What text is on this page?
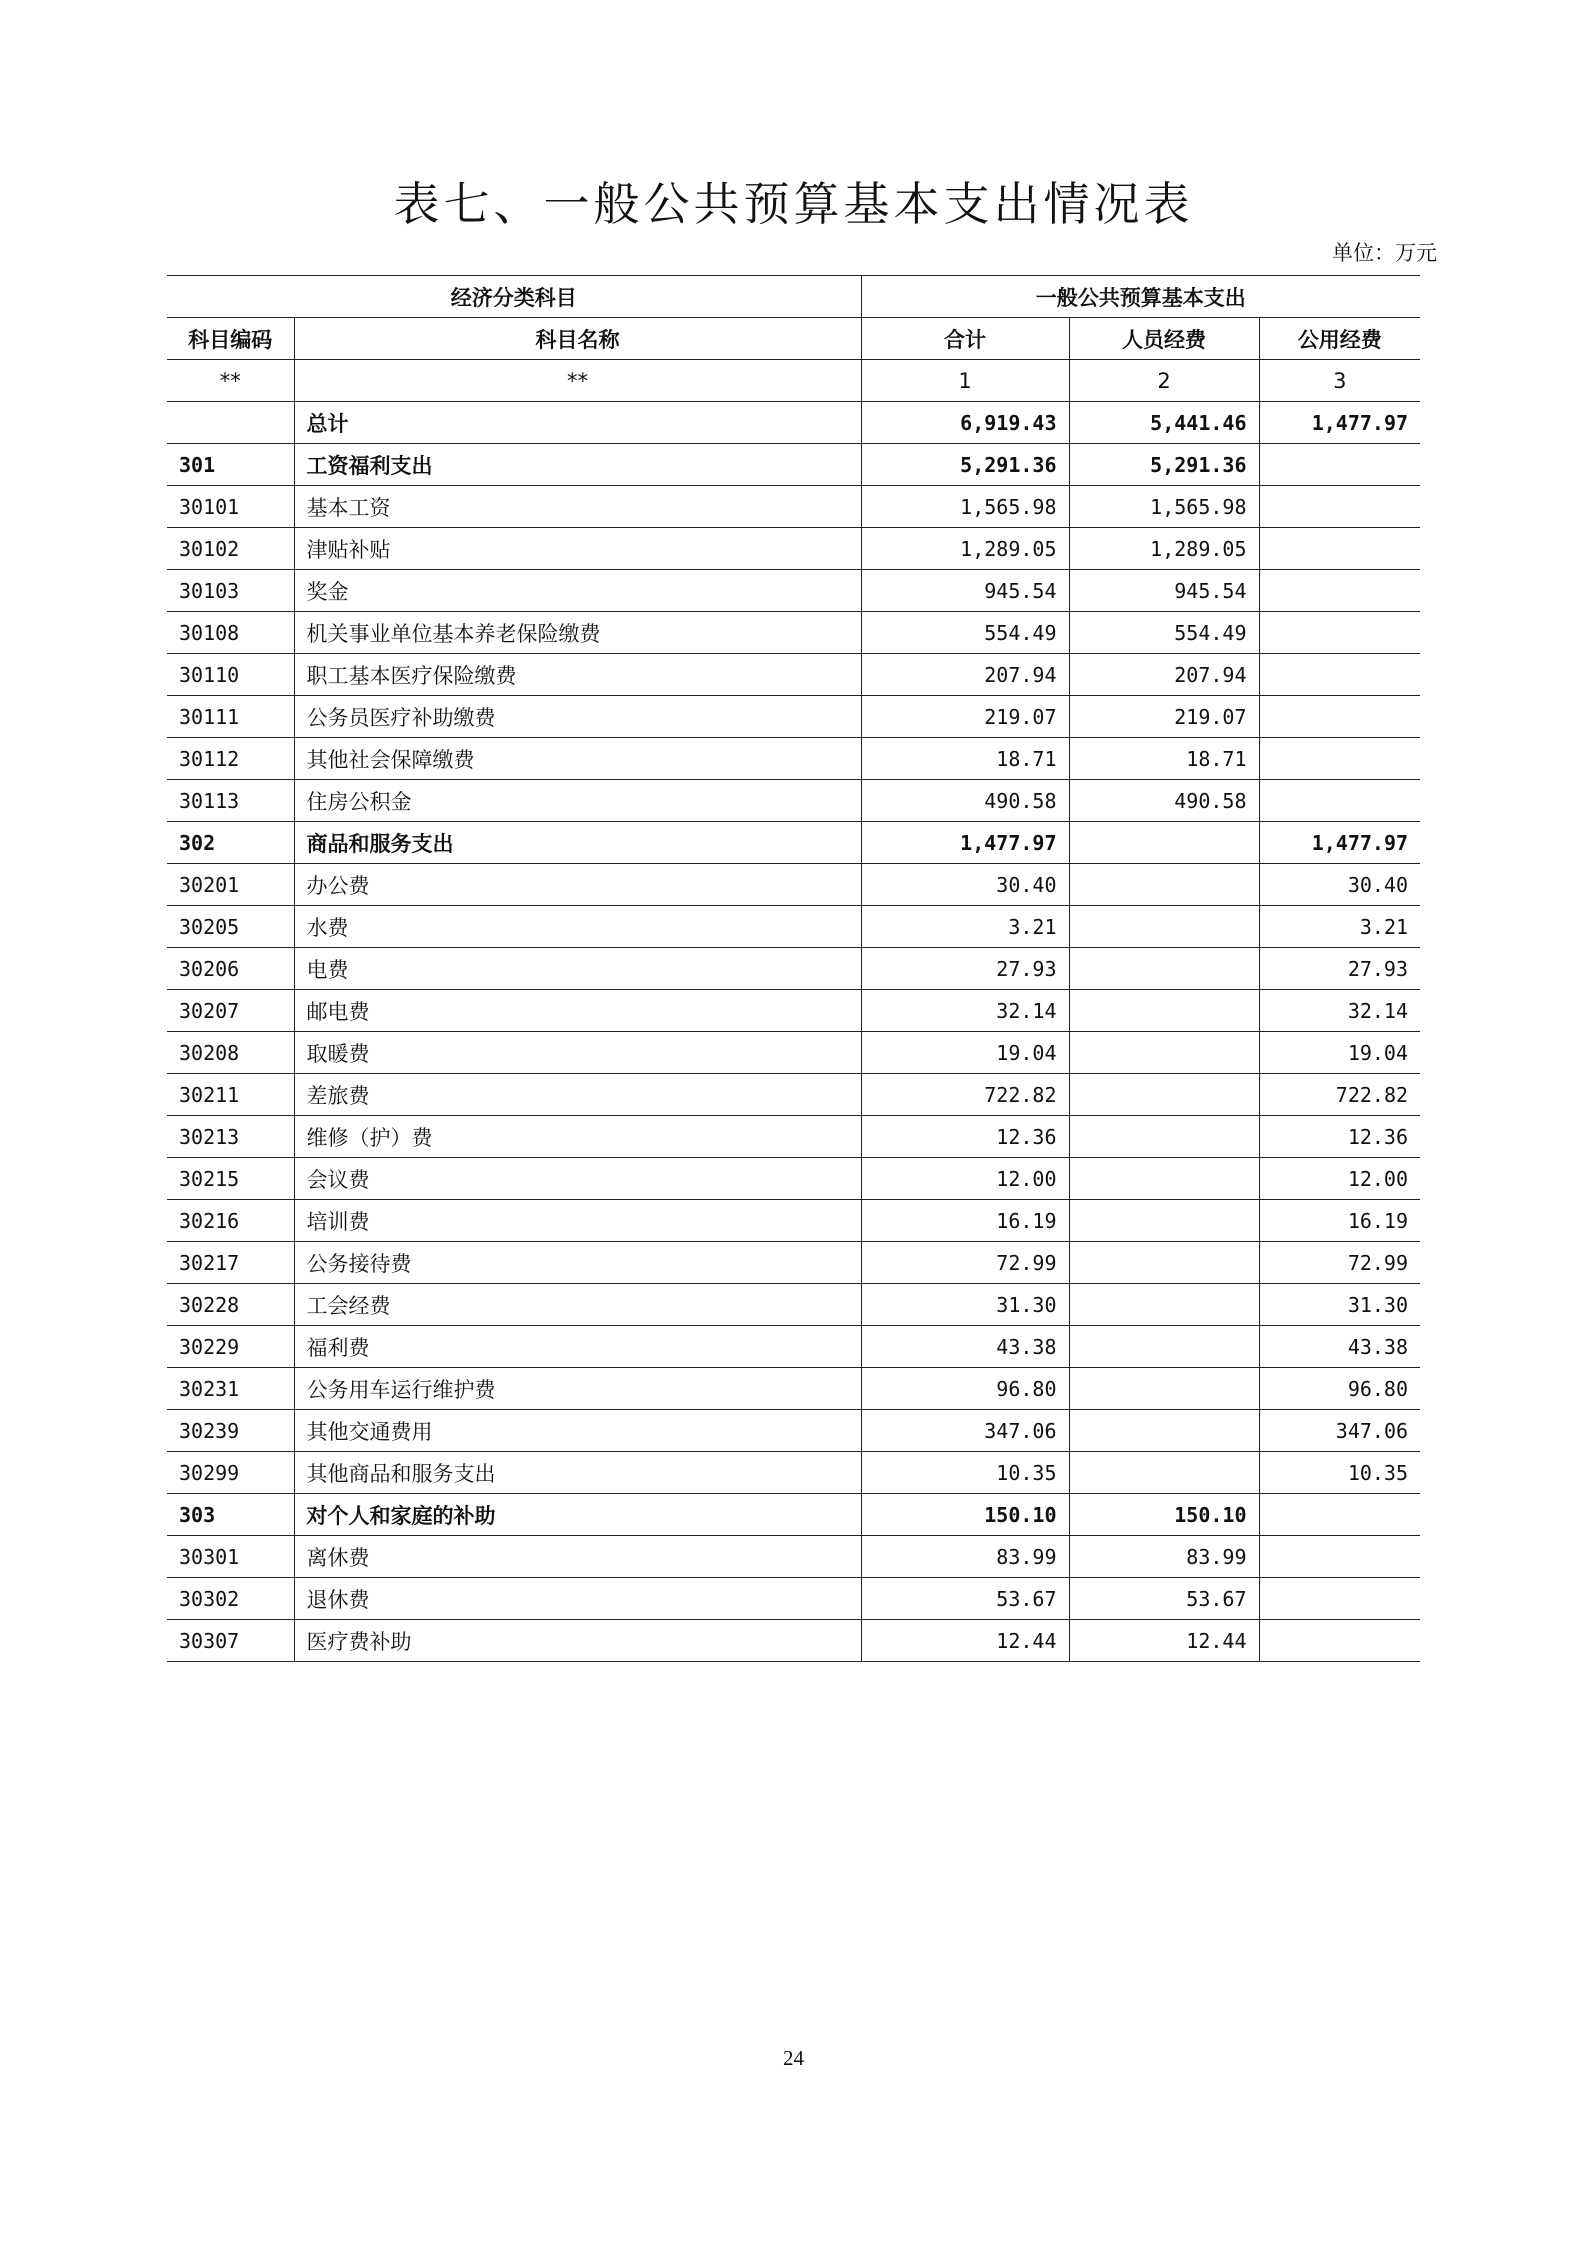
表七、一般公共预算基本支出情况表
单位：万元
经济分类科目		一般公共预算基本支出		
科目编码	科目名称	合计	人员经费	公用经费
**	**	1	2	3
	总计	6,919.43	5,441.46	1,477.97
301	工资福利支出	5,291.36	5,291.36	
30101	基本工资	1,565.98	1,565.98	
30102	津贴补贴	1,289.05	1,289.05	
30103	奖金	945.54	945.54	
30108	机关事业单位基本养老保险缴费	554.49	554.49	
30110	职工基本医疗保险缴费	207.94	207.94	
30111	公务员医疗补助缴费	219.07	219.07	
30112	其他社会保障缴费	18.71	18.71	
30113	住房公积金	490.58	490.58	
302	商品和服务支出	1,477.97		1,477.97
30201	办公费	30.40		30.40
30205	水费	3.21		3.21
30206	电费	27.93		27.93
30207	邮电费	32.14		32.14
30208	取暖费	19.04		19.04
30211	差旅费	722.82		722.82
30213	维修（护）费	12.36		12.36
30215	会议费	12.00		12.00
30216	培训费	16.19		16.19
30217	公务接待费	72.99		72.99
30228	工会经费	31.30		31.30
30229	福利费	43.38		43.38
30231	公务用车运行维护费	96.80		96.80
30239	其他交通费用	347.06		347.06
30299	其他商品和服务支出	10.35		10.35
303	对个人和家庭的补助	150.10	150.10	
30301	离休费	83.99	83.99	
30302	退休费	53.67	53.67	
30307	医疗费补助	12.44	12.44	
24
